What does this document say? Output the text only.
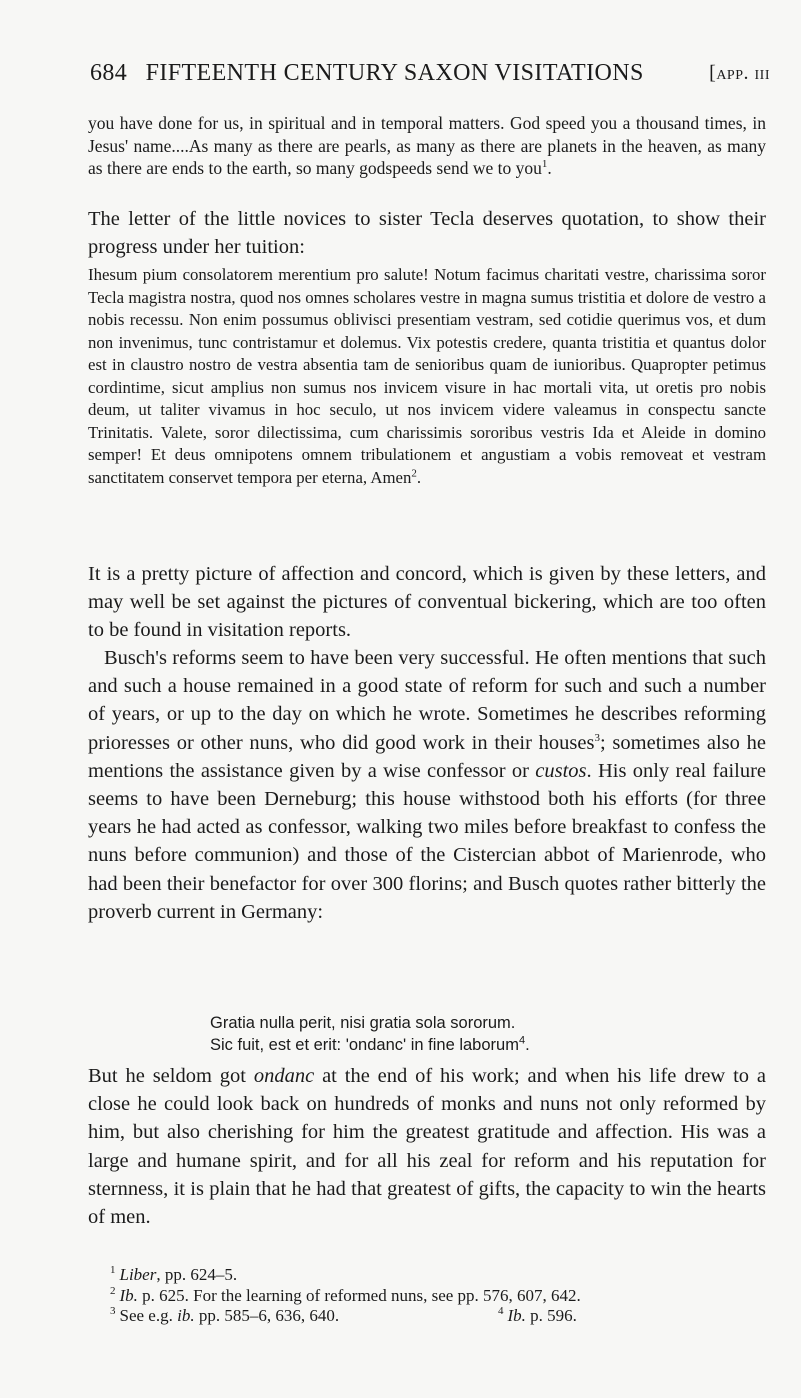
684 FIFTEENTH CENTURY SAXON VISITATIONS	[app. iii
you have done for us, in spiritual and in temporal matters. God speed you a thousand times, in Jesus' name....As many as there are pearls, as many as there are planets in the heaven, as many as there are ends to the earth, so many godspeeds send we to you$^1$.
The letter of the little novices to sister Tecla deserves quotation, to show their progress under her tuition:
Ihesum pium consolatorem merentium pro salute! Notum facimus charitati vestre, charissima soror Tecla magistra nostra, quod nos omnes scholares vestre in magna sumus tristitia et dolore de vestro a nobis recessu. Non enim possumus oblivisci presentiam vestram, sed cotidie querimus vos, et dum non invenimus, tunc contristamur et dolemus. Vix potestis credere, quanta tristitia et quantus dolor est in claustro nostro de vestra absentia tam de senioribus quam de iunioribus. Quapropter petimus cordintime, sicut amplius non sumus nos invicem visure in hac mortali vita, ut oretis pro nobis deum, ut taliter vivamus in hoc seculo, ut nos invicem videre valeamus in conspectu sancte Trinitatis. Valete, soror dilectissima, cum charissimis sororibus vestris Ida et Aleide in domino semper! Et deus omnipotens omnem tribulationem et angustiam a vobis removeat et vestram sanctitatem conservet tempora per eterna, Amen$^2$.
It is a pretty picture of affection and concord, which is given by these letters, and may well be set against the pictures of conventual bickering, which are too often to be found in visitation reports.
Busch's reforms seem to have been very successful. He often mentions that such and such a house remained in a good state of reform for such and such a number of years, or up to the day on which he wrote. Sometimes he describes reforming prioresses or other nuns, who did good work in their houses$^3$; sometimes also he mentions the assistance given by a wise confessor or custos. His only real failure seems to have been Derneburg; this house withstood both his efforts (for three years he had acted as confessor, walking two miles before breakfast to confess the nuns before communion) and those of the Cistercian abbot of Marienrode, who had been their benefactor for over 300 florins; and Busch quotes rather bitterly the proverb current in Germany:
Gratia nulla perit, nisi gratia sola sororum.
Sic fuit, est et erit: 'ondanc' in fine laborum$^4$.
But he seldom got ondanc at the end of his work; and when his life drew to a close he could look back on hundreds of monks and nuns not only reformed by him, but also cherishing for him the greatest gratitude and affection. His was a large and humane spirit, and for all his zeal for reform and his reputation for sternness, it is plain that he had that greatest of gifts, the capacity to win the hearts of men.
$^1$ Liber, pp. 624–5.
$^2$ Ib. p. 625. For the learning of reformed nuns, see pp. 576, 607, 642.
$^3$ See e.g. ib. pp. 585–6, 636, 640.	$^4$ Ib. p. 596.
